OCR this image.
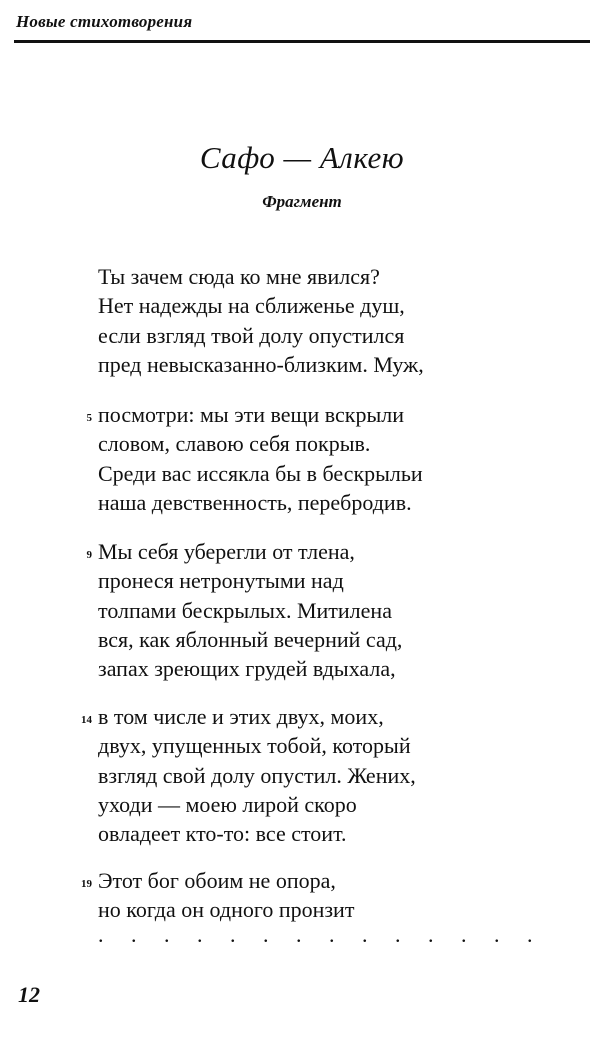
Новые стихотворения
Сафо — Алкею
Фрагмент
Ты зачем сюда ко мне явился?
Нет надежды на сближенье душ,
если взгляд твой долу опустился
пред невысказанно-близким. Муж,
5 посмотри: мы эти вещи вскрыли
словом, славою себя покрыв.
Среди вас иссякла бы в бескрыльи
наша девственность, перебродив.
9 Мы себя уберегли от тлена,
пронеся нетронутыми над
толпами бескрылых. Митилена
вся, как яблонный вечерний сад,
запах зреющих грудей вдыхала,
14 в том числе и этих двух, моих,
двух, упущенных тобой, который
взгляд свой долу опустил. Жених,
уходи — моею лирой скоро
овладеет кто-то: все стоит.
19 Этот бог обоим не опора,
но когда он одного пронзит
. . . . . . . . . . . . . .
12
